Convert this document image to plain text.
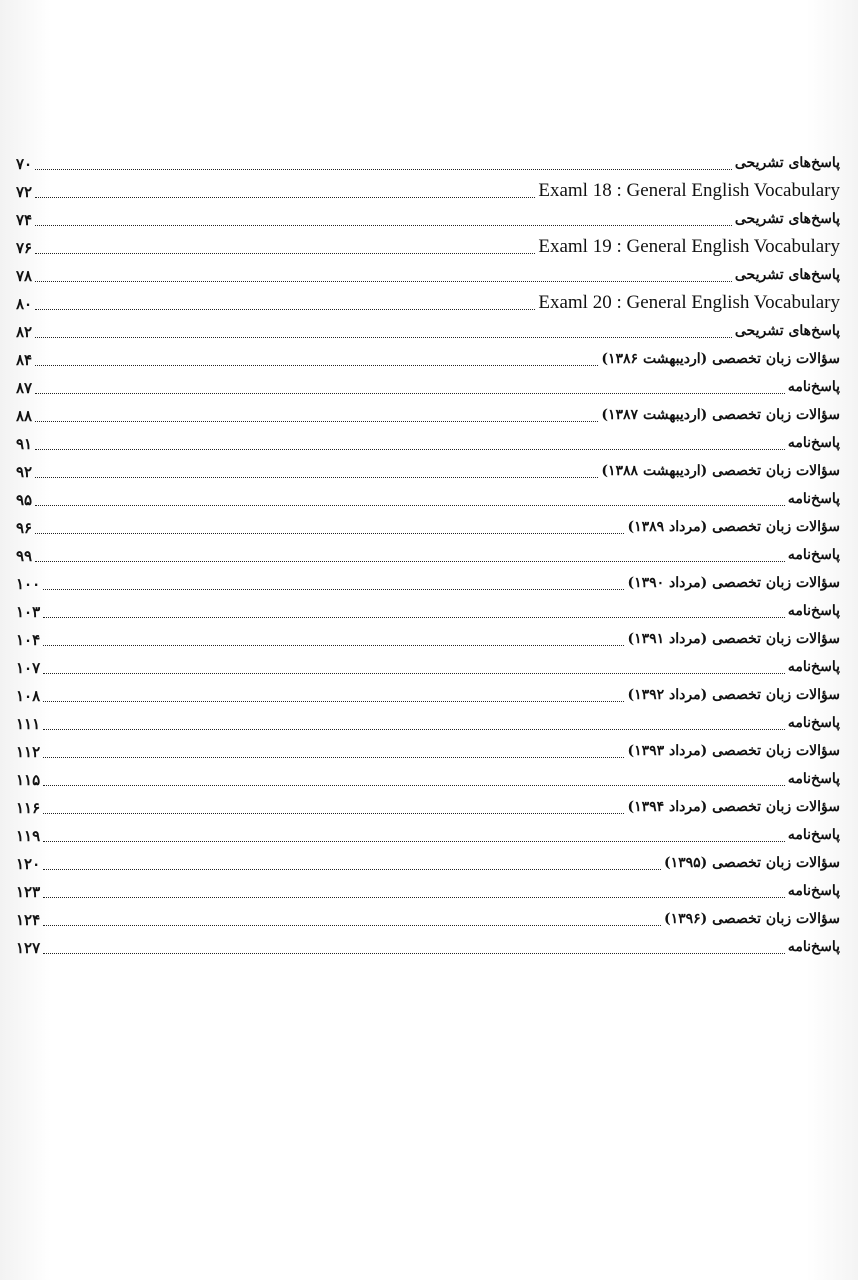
۷۰	پاسخ‌های تشریحی
۷۲	Examl 18 : General English Vocabulary
۷۴	پاسخ‌های تشریحی
۷۶	Examl 19 : General English Vocabulary
۷۸	پاسخ‌های تشریحی
۸۰	Examl 20 : General English Vocabulary
۸۲	پاسخ‌های تشریحی
۸۴	سؤالات زبان تخصصی (اردیبهشت ۱۳۸۶)
۸۷	پاسخ‌نامه
۸۸	سؤالات زبان تخصصی (اردیبهشت ۱۳۸۷)
۹۱	پاسخ‌نامه
۹۲	سؤالات زبان تخصصی (اردیبهشت ۱۳۸۸)
۹۵	پاسخ‌نامه
۹۶	سؤالات زبان تخصصی (مرداد ۱۳۸۹)
۹۹	پاسخ‌نامه
۱۰۰	سؤالات زبان تخصصی (مرداد ۱۳۹۰)
۱۰۳	پاسخ‌نامه
۱۰۴	سؤالات زبان تخصصی (مرداد ۱۳۹۱)
۱۰۷	پاسخ‌نامه
۱۰۸	سؤالات زبان تخصصی (مرداد ۱۳۹۲)
۱۱۱	پاسخ‌نامه
۱۱۲	سؤالات زبان تخصصی (مرداد ۱۳۹۳)
۱۱۵	پاسخ‌نامه
۱۱۶	سؤالات زبان تخصصی (مرداد ۱۳۹۴)
۱۱۹	پاسخ‌نامه
۱۲۰	سؤالات زبان تخصصی (۱۳۹۵)
۱۲۳	پاسخ‌نامه
۱۲۴	سؤالات زبان تخصصی (۱۳۹۶)
۱۲۷	پاسخ‌نامه
